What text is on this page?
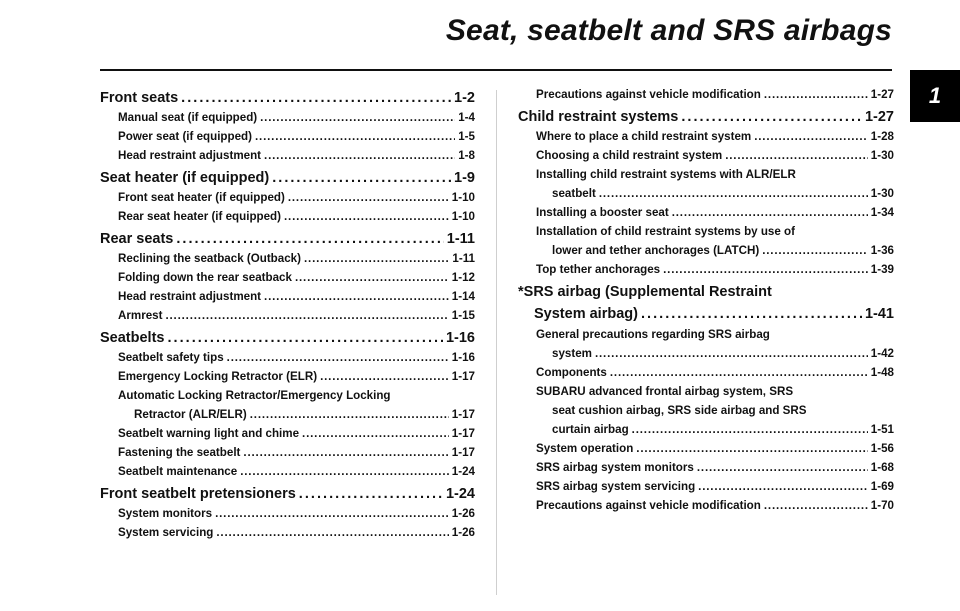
Seat, seatbelt and SRS airbags
1
Front seats . . .	1-2
Manual seat (if equipped) . . .	1-4
Power seat (if equipped) . . .	1-5
Head restraint adjustment . . .	1-8
Seat heater (if equipped) . . .	1-9
Front seat heater (if equipped) . . .	1-10
Rear seat heater (if equipped) . . .	1-10
Rear seats . . .	1-11
Reclining the seatback (Outback) . . .	1-11
Folding down the rear seatback . . .	1-12
Head restraint adjustment . . .	1-14
Armrest . . .	1-15
Seatbelts . . .	1-16
Seatbelt safety tips . . .	1-16
Emergency Locking Retractor (ELR) . . .	1-17
Automatic Locking Retractor/Emergency Locking
Retractor (ALR/ELR) . . .	1-17
Seatbelt warning light and chime . . .	1-17
Fastening the seatbelt . . .	1-17
Seatbelt maintenance . . .	1-24
Front seatbelt pretensioners . . .	1-24
System monitors . . .	1-26
System servicing . . .	1-26
Precautions against vehicle modification . . .	1-27
Child restraint systems . . .	1-27
Where to place a child restraint system . . .	1-28
Choosing a child restraint system . . .	1-30
Installing child restraint systems with ALR/ELR
seatbelt . . .	1-30
Installing a booster seat . . .	1-34
Installation of child restraint systems by use of
lower and tether anchorages (LATCH) . . .	1-36
Top tether anchorages . . .	1-39
*SRS airbag (Supplemental Restraint
System airbag) . . .	1-41
General precautions regarding SRS airbag
system . . .	1-42
Components . . .	1-48
SUBARU advanced frontal airbag system, SRS
seat cushion airbag, SRS side airbag and SRS
curtain airbag . . .	1-51
System operation . . .	1-56
SRS airbag system monitors . . .	1-68
SRS airbag system servicing . . .	1-69
Precautions against vehicle modification . . .	1-70
